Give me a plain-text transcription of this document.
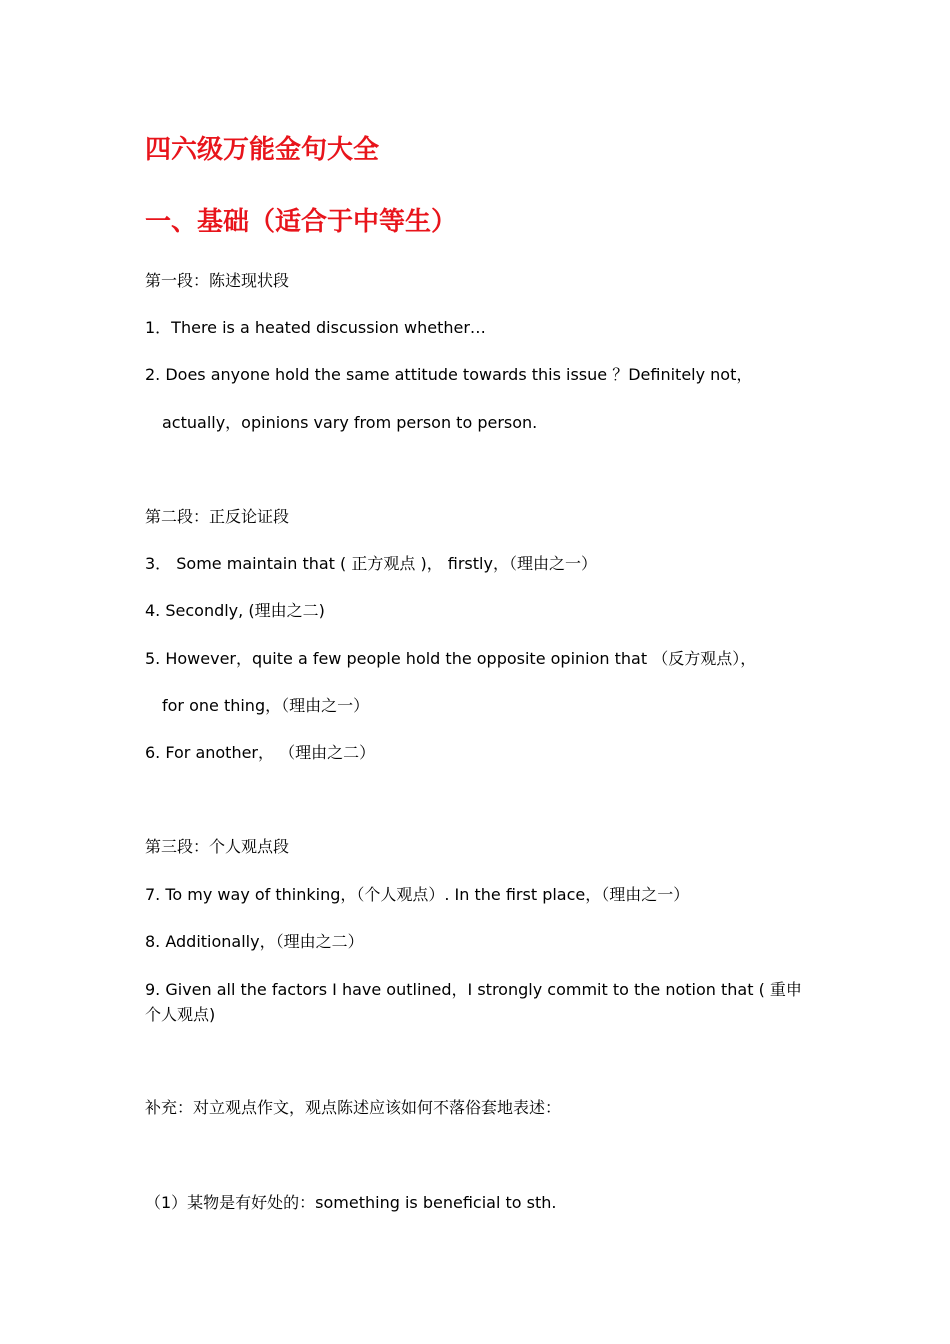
四六级万能金句大全
一、基础（适合于中等生）
第一段：陈述现状段
1．There is a heated discussion whether…
2. Does anyone hold the same attitude towards this issue ？Definitely not，
actually，opinions vary from person to person.
第二段：正反论证段
3． Some maintain that ( 正方观点 )， firstly，（理由之一）
4. Secondly, (理由之二)
5. However，quite a few people hold the opposite opinion that （反方观点），
for one thing，（理由之一）
6. For another， （理由之二）
第三段：个人观点段
7. To my way of thinking，（个人观点）. In the first place，（理由之一）
8. Additionally，（理由之二）
9. Given all the factors I have outlined，I strongly commit to the notion that ( 重申个人观点)
补充：对立观点作文，观点陈述应该如何不落俗套地表述：
（1）某物是有好处的：something is beneficial to sth.
